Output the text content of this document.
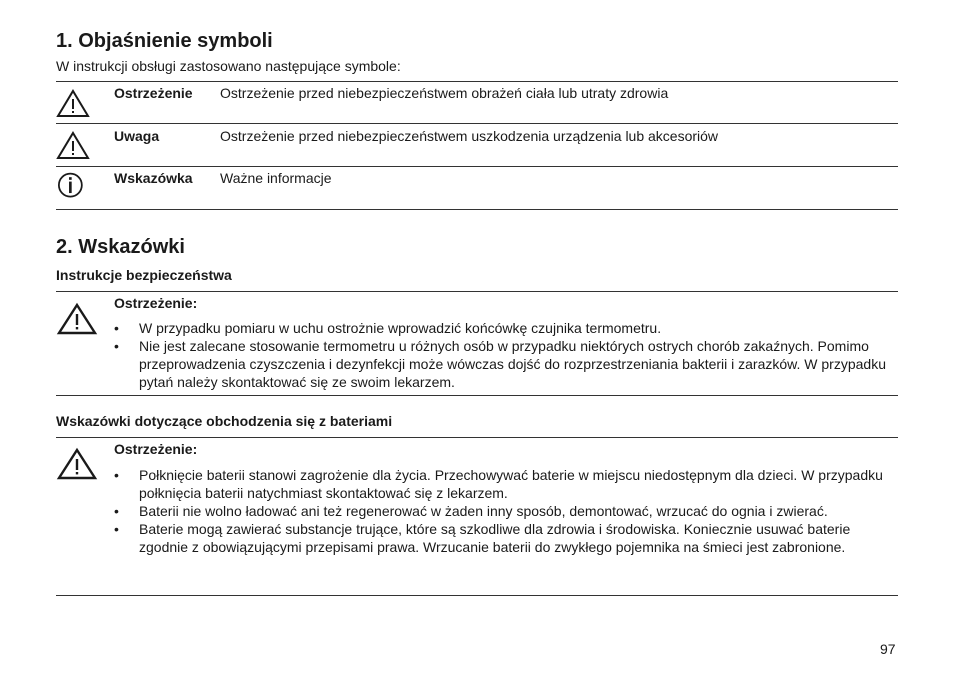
1. Objaśnienie symboli
W instrukcji obsługi zastosowano następujące symbole:
Ostrzeżenie Ostrzeżenie przed niebezpieczeństwem obrażeń ciała lub utraty zdrowia
Uwaga	Ostrzeżenie przed niebezpieczeństwem uszkodzenia urządzenia lub akcesoriów
Wskazówka Ważne informacje
2. Wskazówki
Instrukcje bezpieczeństwa
Ostrzeżenie:
• W przypadku pomiaru w uchu ostrożnie wprowadzić końcówkę czujnika termometru.
• Nie jest zalecane stosowanie termometru u różnych osób w przypadku niektórych ostrych chorób zakaźnych. Pomimo przeprowadzenia czyszczenia i dezynfekcji może wówczas dojść do rozprzestrzeniania bakterii i zarazków. W przypadku pytań należy skontaktować się ze swoim lekarzem.
Wskazówki dotyczące obchodzenia się z bateriami
Ostrzeżenie:
• Połknięcie baterii stanowi zagrożenie dla życia. Przechowywać baterie w miejscu niedostępnym dla dzieci. W przypadku połknięcia baterii natychmiast skontaktować się z lekarzem.
• Baterii nie wolno ładować ani też regenerować w żaden inny sposób, demontować, wrzucać do ognia i zwierać.
• Baterie mogą zawierać substancje trujące, które są szkodliwe dla zdrowia i środowiska. Koniecznie usuwać baterie zgodnie z obowiązującymi przepisami prawa. Wrzucanie baterii do zwykłego pojemnika na śmieci jest zabronione.
97
